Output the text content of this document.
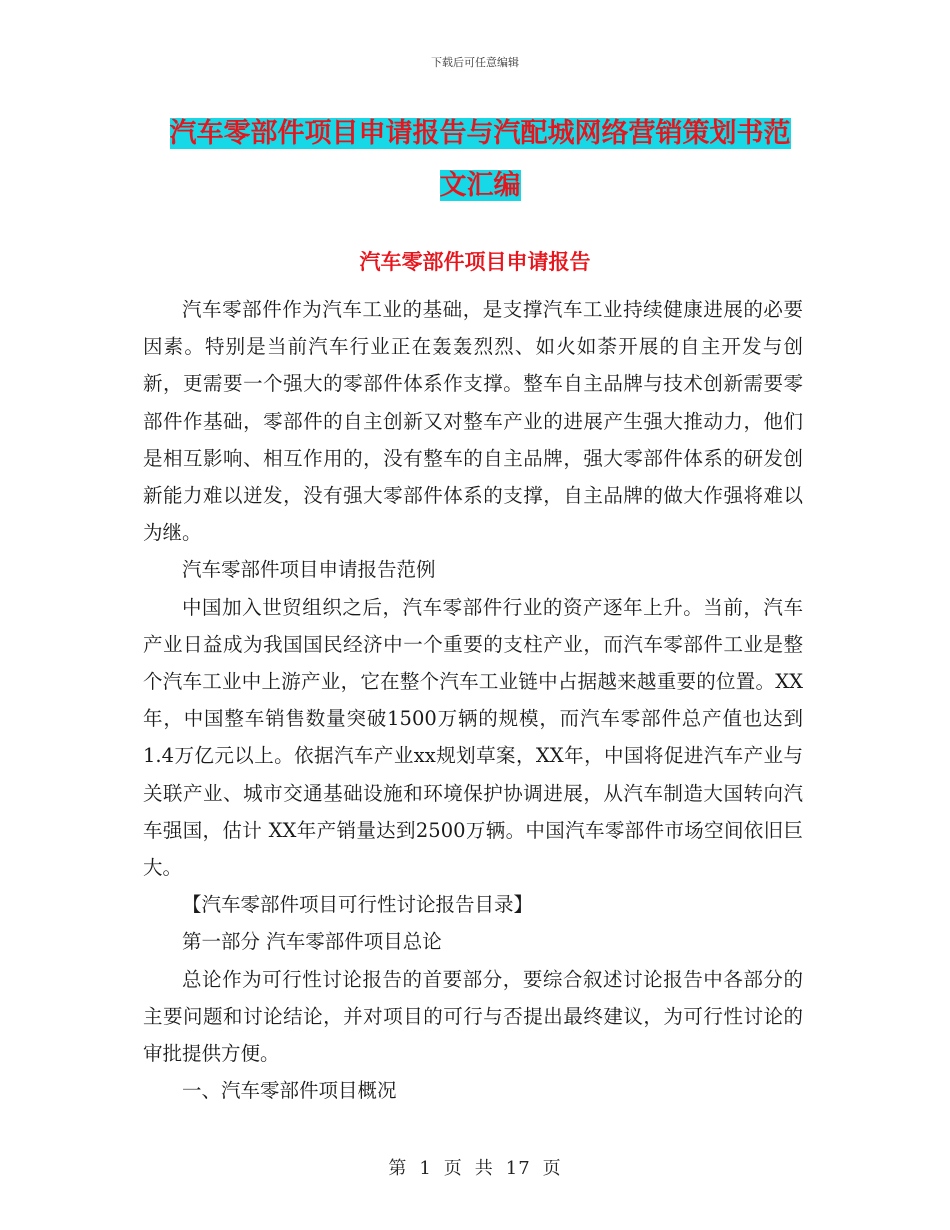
下载后可任意编辑
汽车零部件项目申请报告与汽配城网络营销策划书范
文汇编
汽车零部件项目申请报告

汽车零部件作为汽车工业的基础，是支撑汽车工业持续健康进展的必要因素。特别是当前汽车行业正在轰轰烈烈、如火如荼开展的自主开发与创新，更需要一个强大的零部件体系作支撑。整车自主品牌与技术创新需要零部件作基础，零部件的自主创新又对整车产业的进展产生强大推动力，他们是相互影响、相互作用的，没有整车的自主品牌，强大零部件体系的研发创新能力难以迸发，没有强大零部件体系的支撑，自主品牌的做大作强将难以为继。

汽车零部件项目申请报告范例

中国加入世贸组织之后，汽车零部件行业的资产逐年上升。当前，汽车产业日益成为我国国民经济中一个重要的支柱产业，而汽车零部件工业是整个汽车工业中上游产业，它在整个汽车工业链中占据越来越重要的位置。XX年，中国整车销售数量突破1500万辆的规模，而汽车零部件总产值也达到1.4万亿元以上。依据汽车产业xx规划草案，XX年，中国将促进汽车产业与关联产业、城市交通基础设施和环境保护协调进展，从汽车制造大国转向汽车强国，估计 XX年产销量达到2500万辆。中国汽车零部件市场空间依旧巨大。

【汽车零部件项目可行性讨论报告目录】

第一部分 汽车零部件项目总论

总论作为可行性讨论报告的首要部分，要综合叙述讨论报告中各部分的主要问题和讨论结论，并对项目的可行与否提出最终建议，为可行性讨论的审批提供方便。

一、汽车零部件项目概况

第 1 页 共 17 页
